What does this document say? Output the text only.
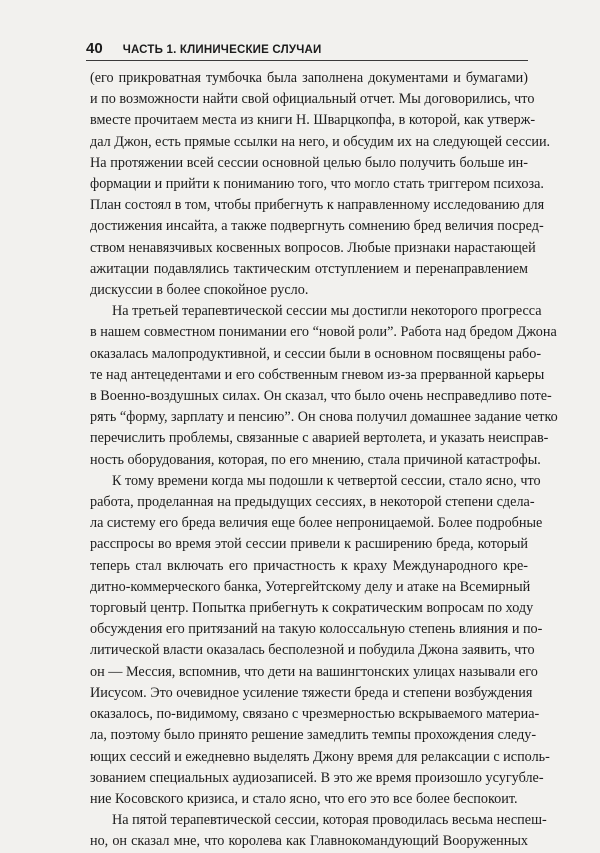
40 ЧАСТЬ 1. КЛИНИЧЕСКИЕ СЛУЧАИ
(его прикроватная тумбочка была заполнена документами и бумагами)
и по возможности найти свой официальный отчет. Мы договорились, что
вместе прочитаем места из книги Н. Шварцкопфа, в которой, как утверж-
дал Джон, есть прямые ссылки на него, и обсудим их на следующей сессии.
На протяжении всей сессии основной целью было получить больше ин-
формации и прийти к пониманию того, что могло стать триггером психоза.
План состоял в том, чтобы прибегнуть к направленному исследованию для
достижения инсайта, а также подвергнуть сомнению бред величия посред-
ством ненавязчивых косвенных вопросов. Любые признаки нарастающей
ажитации подавлялись тактическим отступлением и перенаправлением
дискуссии в более спокойное русло.
На третьей терапевтической сессии мы достигли некоторого прогресса
в нашем совместном понимании его “новой роли”. Работа над бредом Джона
оказалась малопродуктивной, и сессии были в основном посвящены рабо-
те над антецедентами и его собственным гневом из-за прерванной карьеры
в Военно-воздушных силах. Он сказал, что было очень несправедливо поте-
рять “форму, зарплату и пенсию”. Он снова получил домашнее задание четко
перечислить проблемы, связанные с аварией вертолета, и указать неисправ-
ность оборудования, которая, по его мнению, стала причиной катастрофы.
К тому времени когда мы подошли к четвертой сессии, стало ясно, что
работа, проделанная на предыдущих сессиях, в некоторой степени сдела-
ла систему его бреда величия еще более непроницаемой. Более подробные
расспросы во время этой сессии привели к расширению бреда, который
теперь стал включать его причастность к краху Международного кре-
дитно-коммерческого банка, Уотергейтскому делу и атаке на Всемирный
торговый центр. Попытка прибегнуть к сократическим вопросам по ходу
обсуждения его притязаний на такую колоссальную степень влияния и по-
литической власти оказалась бесполезной и побудила Джона заявить, что
он — Мессия, вспомнив, что дети на вашингтонских улицах называли его
Иисусом. Это очевидное усиление тяжести бреда и степени возбуждения
оказалось, по-видимому, связано с чрезмерностью вскрываемого материа-
ла, поэтому было принято решение замедлить темпы прохождения следу-
ющих сессий и ежедневно выделять Джону время для релаксации с исполь-
зованием специальных аудиозаписей. В это же время произошло усугубле-
ние Косовского кризиса, и стало ясно, что его это все более беспокоит.
На пятой терапевтической сессии, которая проводилась весьма неспеш-
но, он сказал мне, что королева как Главнокомандующий Вооруженных
